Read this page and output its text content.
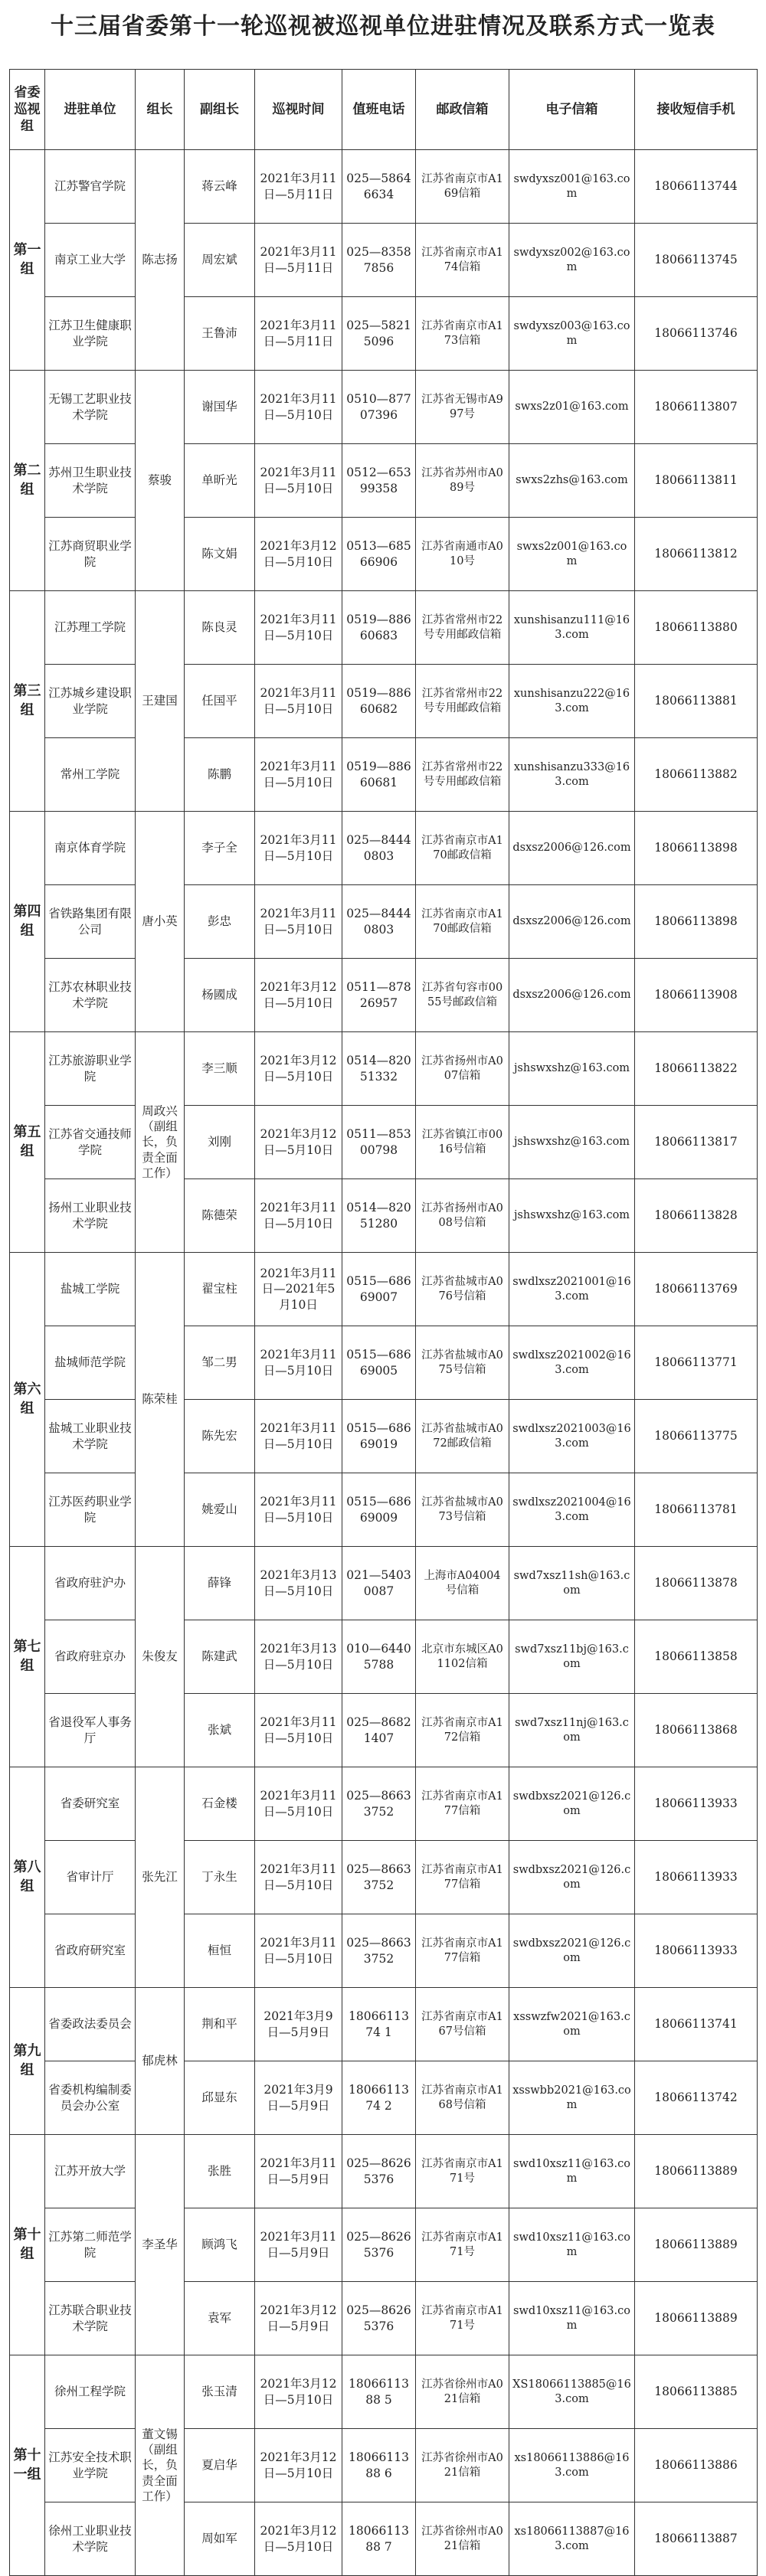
十三届省委第十一轮巡视被巡视单位进驻情况及联系方式一览表
省委巡视组	进驻单位	组长	副组长	巡视时间	值班电话	邮政信箱	电子信箱	接收短信手机
第一组	江苏警官学院	陈志扬	蒋云峰	2021年3月11日—5月11日	025—58646634	江苏省南京市A169信箱	swdyxsz001@163.com	18066113744
	南京工业大学		周宏斌	2021年3月11日—5月11日	025—83587856	江苏省南京市A174信箱	swdyxsz002@163.com	18066113745
	江苏卫生健康职业学院		王鲁沛	2021年3月11日—5月11日	025—58215096	江苏省南京市A173信箱	swdyxsz003@163.com	18066113746
第二组	无锡工艺职业技术学院	蔡骏	谢国华	2021年3月11日—5月10日	0510—87707396	江苏省无锡市A997号	swxs2z01@163.com	18066113807
	苏州卫生职业技术学院		单昕光	2021年3月11日—5月10日	0512—65399358	江苏省苏州市A089号	swxs2zhs@163.com	18066113811
	江苏商贸职业学院		陈文娟	2021年3月12日—5月10日	0513—68566906	江苏省南通市A010号	swxs2z001@163.com	18066113812
第三组	江苏理工学院	王建国	陈良灵	2021年3月11日—5月10日	0519—88660683	江苏省常州市22号专用邮政信箱	xunshisanzu111@163.com	18066113880
	江苏城乡建设职业学院		任国平	2021年3月11日—5月10日	0519—88660682	江苏省常州市22号专用邮政信箱	xunshisanzu222@163.com	18066113881
	常州工学院		陈鹏	2021年3月11日—5月10日	0519—88660681	江苏省常州市22号专用邮政信箱	xunshisanzu333@163.com	18066113882
第四组	南京体育学院	唐小英	李子全	2021年3月11日—5月10日	025—84440803	江苏省南京市A170邮政信箱	dsxsz2006@126.com	18066113898
	省铁路集团有限公司		彭忠	2021年3月11日—5月10日	025—84440803	江苏省南京市A170邮政信箱	dsxsz2006@126.com	18066113898
	江苏农林职业技术学院		杨國成	2021年3月12日—5月10日	0511—87826957	江苏省句容市0055号邮政信箱	dsxsz2006@126.com	18066113908
第五组	江苏旅游职业学院	周政兴（副组长，负责全面工作）	李三顺	2021年3月12日—5月10日	0514—82051332	江苏省扬州市A007信箱	jshswxshz@163.com	18066113822
	江苏省交通技师学院		刘刚	2021年3月12日—5月10日	0511—85300798	江苏省镇江市0016号信箱	jshswxshz@163.com	18066113817
	扬州工业职业技术学院		陈德荣	2021年3月11日—5月10日	0514—82051280	江苏省扬州市A008号信箱	jshswxshz@163.com	18066113828
第六组	盐城工学院	陈荣桂	翟宝柱	2021年3月11日—2021年5月10日	0515—68669007	江苏省盐城市A076号信箱	swdlxsz2021001@163.com	18066113769
	盐城师范学院		邹二男	2021年3月11日—5月10日	0515—68669005	江苏省盐城市A075号信箱	swdlxsz2021002@163.com	18066113771
	盐城工业职业技术学院		陈先宏	2021年3月11日—5月10日	0515—68669019	江苏省盐城市A072邮政信箱	swdlxsz2021003@163.com	18066113775
	江苏医药职业学院		姚爱山	2021年3月11日—5月10日	0515—68669009	江苏省盐城市A073号信箱	swdlxsz2021004@163.com	18066113781
第七组	省政府驻沪办	朱俊友	薛锋	2021年3月13日—5月10日	021—54030087	上海市A04004号信箱	swd7xsz11sh@163.com	18066113878
	省政府驻京办		陈建武	2021年3月13日—5月10日	010—64405788	北京市东城区A01102信箱	swd7xsz11bj@163.com	18066113858
	省退役军人事务厅		张斌	2021年3月11日—5月10日	025—86821407	江苏省南京市A172信箱	swd7xsz11nj@163.com	18066113868
第八组	省委研究室	张先江	石金楼	2021年3月11日—5月10日	025—86633752	江苏省南京市A177信箱	swdbxsz2021@126.com	18066113933
	省审计厅		丁永生	2021年3月11日—5月10日	025—86633752	江苏省南京市A177信箱	swdbxsz2021@126.com	18066113933
	省政府研究室		桓恒	2021年3月11日—5月10日	025—86633752	江苏省南京市A177信箱	swdbxsz2021@126.com	18066113933
第九组	省委政法委员会	郁虎林	荆和平	2021年3月9日—5月9日	1806611374 1	江苏省南京市A167号信箱	xsswzfw2021@163.com	18066113741
	省委机构编制委员会办公室		邱显东	2021年3月9日—5月9日	1806611374 2	江苏省南京市A168号信箱	xsswbb2021@163.com	18066113742
第十组	江苏开放大学	李圣华	张胜	2021年3月11日—5月9日	025—86265376	江苏省南京市A171号	swd10xsz11@163.com	18066113889
	江苏第二师范学院		顾鸿飞	2021年3月11日—5月9日	025—86265376	江苏省南京市A171号	swd10xsz11@163.com	18066113889
	江苏联合职业技术学院		袁军	2021年3月12日—5月9日	025—86265376	江苏省南京市A171号	swd10xsz11@163.com	18066113889
第十一组	徐州工程学院	董文锡（副组长，负责全面工作）	张玉清	2021年3月12日—5月10日	1806611388 5	江苏省徐州市A021信箱	XS18066113885@163.com	18066113885
	江苏安全技术职业学院		夏启华	2021年3月12日—5月10日	1806611388 6	江苏省徐州市A021信箱	xs18066113886@163.com	18066113886
	徐州工业职业技术学院		周如军	2021年3月12日—5月10日	1806611388 7	江苏省徐州市A021信箱	xs18066113887@163.com	18066113887
